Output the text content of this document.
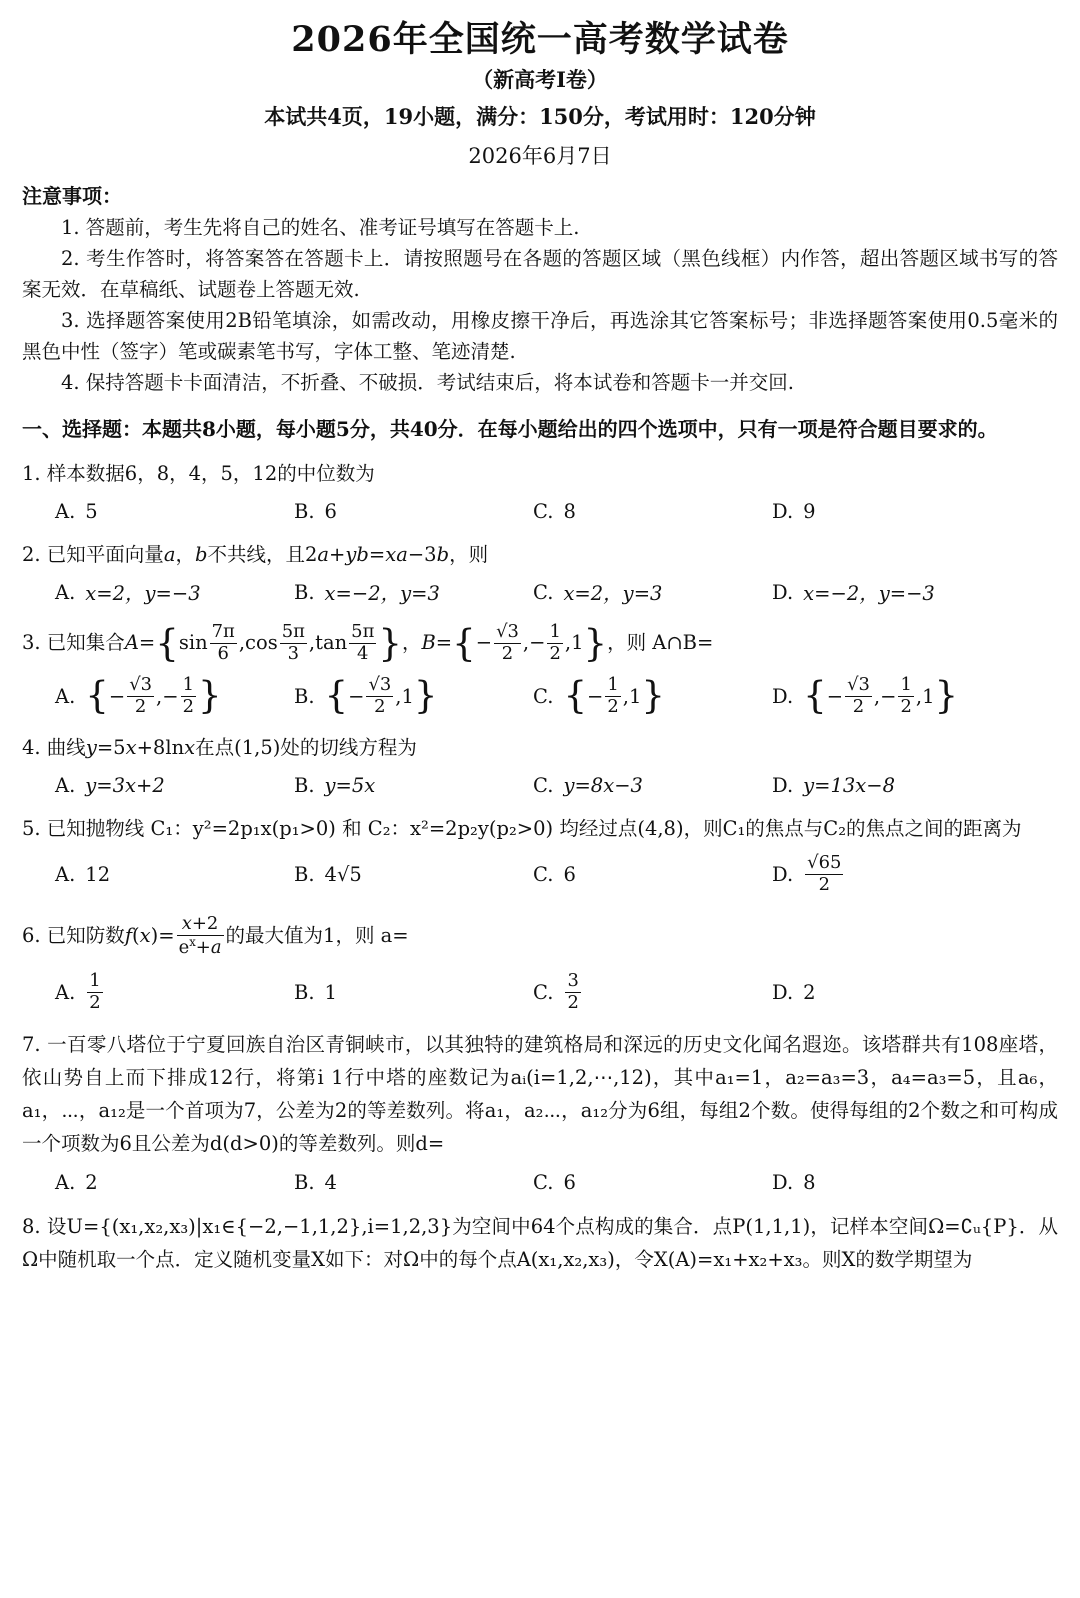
2026年全国统一高考数学试卷
（新高考Ⅰ卷）
本试共4页，19小题，满分：150分，考试用时：120分钟
2026年6月7日
注意事项：

1. 答题前，考生先将自己的姓名、准考证号填写在答题卡上.

2. 考生作答时，将答案答在答题卡上．请按照题号在各题的答题区域（黑色线框）内作答，超出答题区域书写的答案无效．在草稿纸、试题卷上答题无效.

3. 选择题答案使用2B铅笔填涂，如需改动，用橡皮擦干净后，再选涂其它答案标号；非选择题答案使用0.5毫米的黑色中性（签字）笔或碳素笔书写，字体工整、笔迹清楚.

4. 保持答题卡卡面清洁，不折叠、不破损．考试结束后，将本试卷和答题卡一并交回.

一、选择题：本题共8小题，每小题5分，共40分．在每小题给出的四个选项中，只有一项是符合题目要求的。
1. 样本数据6，8，4，5，12的中位数为
A. 5	B. 6	C. 8	D. 9
2. 已知平面向量a，b不共线，且2a+yb=xa−3b，则
A. x=2，y=−3	B. x=−2，y=3	C. x=2，y=3	D. x=−2，y=−3
3. 已知集合$A=\{\sin \frac{7\pi}{6} ,\cos \frac{5\pi}{3} ,\tan \frac{5\pi}{4}$ }，$B=\{- \frac{√3}{2}$ ,− $\frac{1}{2} ,1$}，则 A∩B=
A. { − $\frac{√3}{2}$ ,− $\frac{1}{2}$ }	B. { − $\frac{√3}{2} ,1$ }	C. { − $\frac{1}{2} ,1$ }	D. { − $\frac{√3}{2}$ ,− $\frac{1}{2} ,1$ }
4. 曲线y=5x+8lnx在点(1,5)处的切线方程为
A. y=3x+2	B. y=5x	C. y=8x−3	D. y=13x−8
5. 已知抛物线 C₁：y²=2p₁x(p₁>0) 和 C₂：x²=2p₂y(p₂>0) 均经过点(4,8)，则C₁的焦点与C₂的焦点之间的距离为
A. 12	B. 4√5	C. 6	D. $\frac{√65}{2}$
6. 已知防数$f(x)= \frac{x+2}{e^x+a}$ 的最大值为1，则 a=
A. $\frac{1}{2}$	B. 1	C. $\frac{3}{2}$	D. 2
7. 一百零八塔位于宁夏回族自治区青铜峡市，以其独特的建筑格局和深远的历史文化闻名遐迩。该塔群共有108座塔，依山势自上而下排成12行，将第i 1行中塔的座数记为aᵢ(i=1,2,⋯,12)，其中a₁=1，a₂=a₃=3，a₄=a₃=5，且a₆，a₁，⋯，a₁₂是一个首项为7，公差为2的等差数列。将a₁，a₂⋯，a₁₂分为6组，每组2个数。使得每组的2个数之和可构成一个项数为6且公差为d(d>0)的等差数列。则d=
A. 2	B. 4	C. 6	D. 8
8. 设U={(x₁,x₂,x₃)|x₁∈{−2,−1,1,2},i=1,2,3}为空间中64个点构成的集合．点P(1,1,1)，记样本空间Ω=∁ᵤ{P}．从Ω中随机取一个点．定义随机变量X如下：对Ω中的每个点A(x₁,x₂,x₃)，令X(A)=x₁+x₂+x₃。则X的数学期望为
